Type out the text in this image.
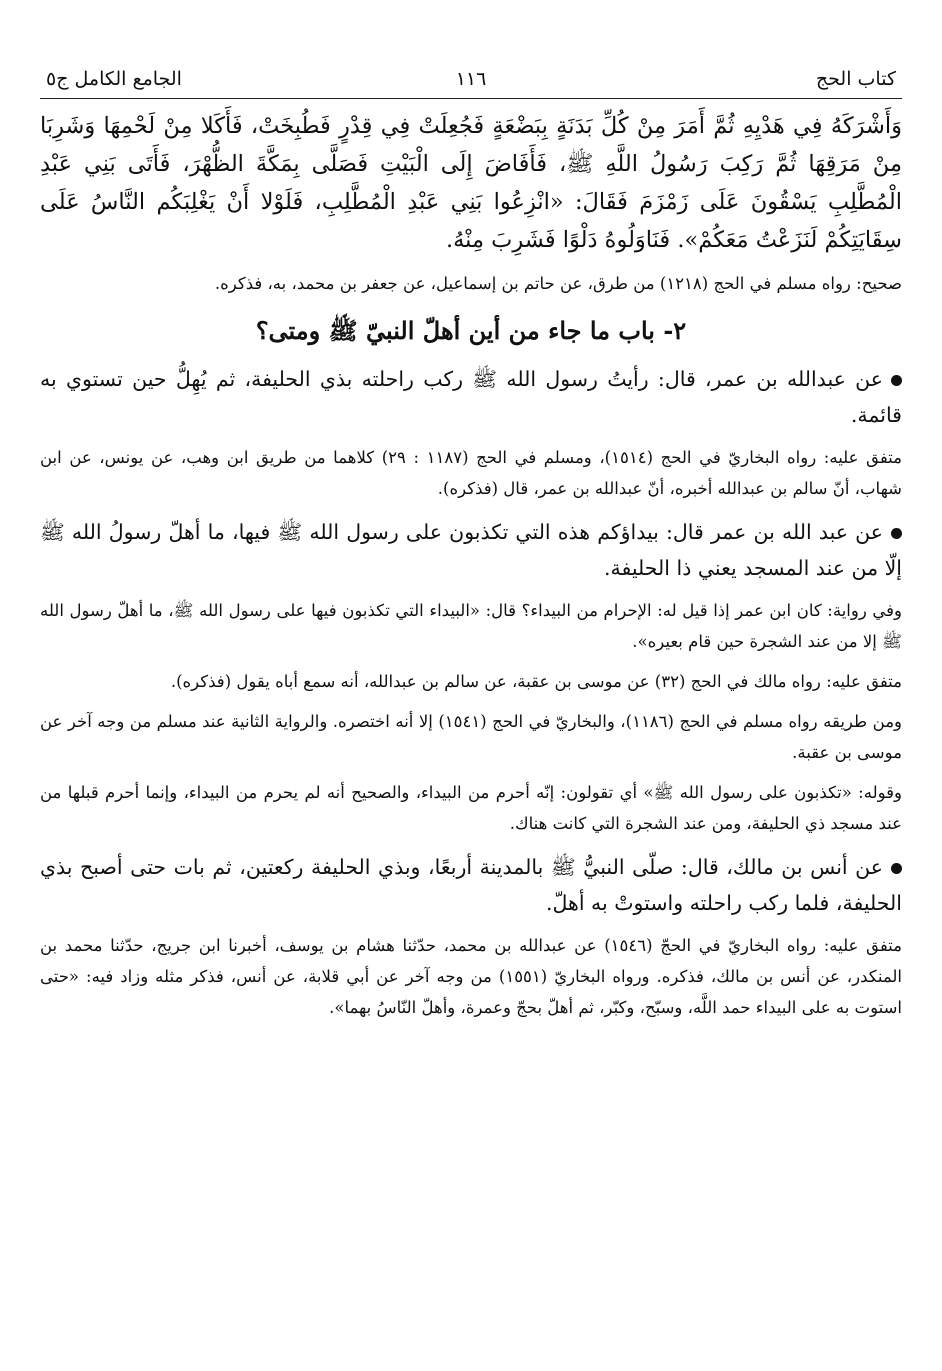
كتاب الحج
١١٦
الجامع الكامل ج٥
وَأَشْرَكَهُ فِي هَدْيِهِ ثُمَّ أَمَرَ مِنْ كُلِّ بَدَنَةٍ بِبَضْعَةٍ فَجُعِلَتْ فِي قِدْرٍ فَطُبِخَتْ، فَأَكَلا مِنْ لَحْمِهَا وَشَرِبَا مِنْ مَرَقِهَا ثُمَّ رَكِبَ رَسُولُ اللَّهِ ﷺ، فَأَفَاضَ إِلَى الْبَيْتِ فَصَلَّى بِمَكَّةَ الظُّهْرَ، فَأَتَى بَنِي عَبْدِ الْمُطَّلِبِ يَسْقُونَ عَلَى زَمْزَمَ فَقَالَ: «انْزِعُوا بَنِي عَبْدِ الْمُطَّلِبِ، فَلَوْلا أَنْ يَغْلِبَكُم النَّاسُ عَلَى سِقَايَتِكُمْ لَنَزَعْتُ مَعَكُمْ». فَنَاوَلُوهُ دَلْوًا فَشَرِبَ مِنْهُ.
صحيح: رواه مسلم في الحج (١٢١٨) من طرق، عن حاتم بن إسماعيل، عن جعفر بن محمد، به، فذكره.
٢- باب ما جاء من أين أهلّ النبيّ ﷺ ومتى؟
عن عبدالله بن عمر، قال: رأيتُ رسول الله ﷺ ركب راحلته بذي الحليفة، ثم يُهِلُّ حين تستوي به قائمة.
متفق عليه: رواه البخاريّ في الحج (١٥١٤)، ومسلم في الحج (١١٨٧ : ٢٩) كلاهما من طريق ابن وهب، عن يونس، عن ابن شهاب، أنّ سالم بن عبدالله أخبره، أنّ عبدالله بن عمر، قال (فذكره).
عن عبد الله بن عمر قال: بيداؤكم هذه التي تكذبون على رسول الله ﷺ فيها، ما أهلّ رسولُ الله ﷺ إلّا من عند المسجد يعني ذا الحليفة.
وفي رواية: كان ابن عمر إذا قيل له: الإحرام من البيداء؟ قال: «البيداء التي تكذبون فيها على رسول الله ﷺ، ما أهلّ رسول الله ﷺ إلا من عند الشجرة حين قام بعيره».
متفق عليه: رواه مالك في الحج (٣٢) عن موسى بن عقبة، عن سالم بن عبدالله، أنه سمع أباه يقول (فذكره).
ومن طريقه رواه مسلم في الحج (١١٨٦)، والبخاريّ في الحج (١٥٤١) إلا أنه اختصره. والرواية الثانية عند مسلم من وجه آخر عن موسى بن عقبة.
وقوله: «تكذبون على رسول الله ﷺ» أي تقولون: إنّه أحرم من البيداء، والصحيح أنه لم يحرم من البيداء، وإنما أحرم قبلها من عند مسجد ذي الحليفة، ومن عند الشجرة التي كانت هناك.
عن أنس بن مالك، قال: صلّى النبيُّ ﷺ بالمدينة أربعًا، وبذي الحليفة ركعتين، ثم بات حتى أصبح بذي الحليفة، فلما ركب راحلته واستوتْ به أهلّ.
متفق عليه: رواه البخاريّ في الحجّ (١٥٤٦) عن عبدالله بن محمد، حدّثنا هشام بن يوسف، أخبرنا ابن جريج، حدّثنا محمد بن المنكدر، عن أنس بن مالك، فذكره. ورواه البخاريّ (١٥٥١) من وجه آخر عن أبي قلابة، عن أنس، فذكر مثله وزاد فيه: «حتى استوت به على البيداء حمد اللَّه، وسبّح، وكبّر، ثم أهلّ بحجّ وعمرة، وأهلّ النّاسُ بهما».
